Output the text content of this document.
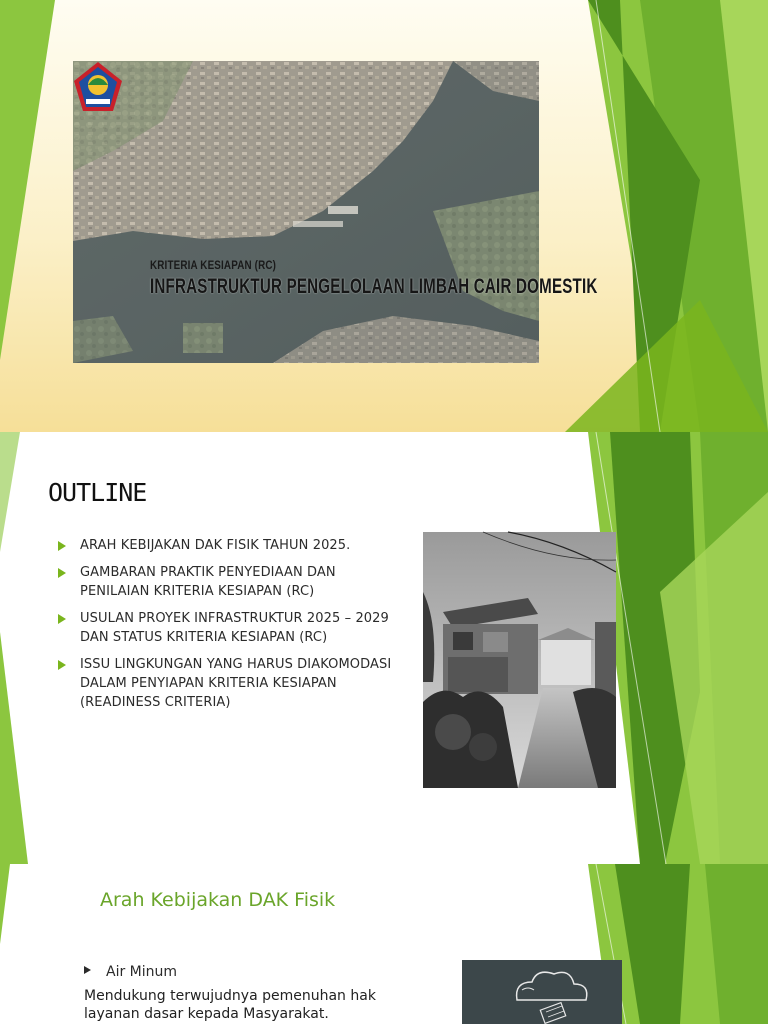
KRITERIA KESIAPAN (RC)
INFRASTRUKTUR PENGELOLAAN LIMBAH CAIR DOMESTIK
OUTLINE
ARAH KEBIJAKAN DAK FISIK TAHUN 2025.
GAMBARAN PRAKTIK PENYEDIAAN DAN PENILAIAN KRITERIA KESIAPAN (RC)
USULAN PROYEK INFRASTRUKTUR 2025 – 2029 DAN STATUS KRITERIA KESIAPAN (RC)
ISSU LINGKUNGAN YANG HARUS DIAKOMODASI DALAM PENYIAPAN KRITERIA KESIAPAN (READINESS CRITERIA)
Arah Kebijakan DAK Fisik
Air Minum
Mendukung terwujudnya pemenuhan hak layanan dasar kepada Masyarakat.
